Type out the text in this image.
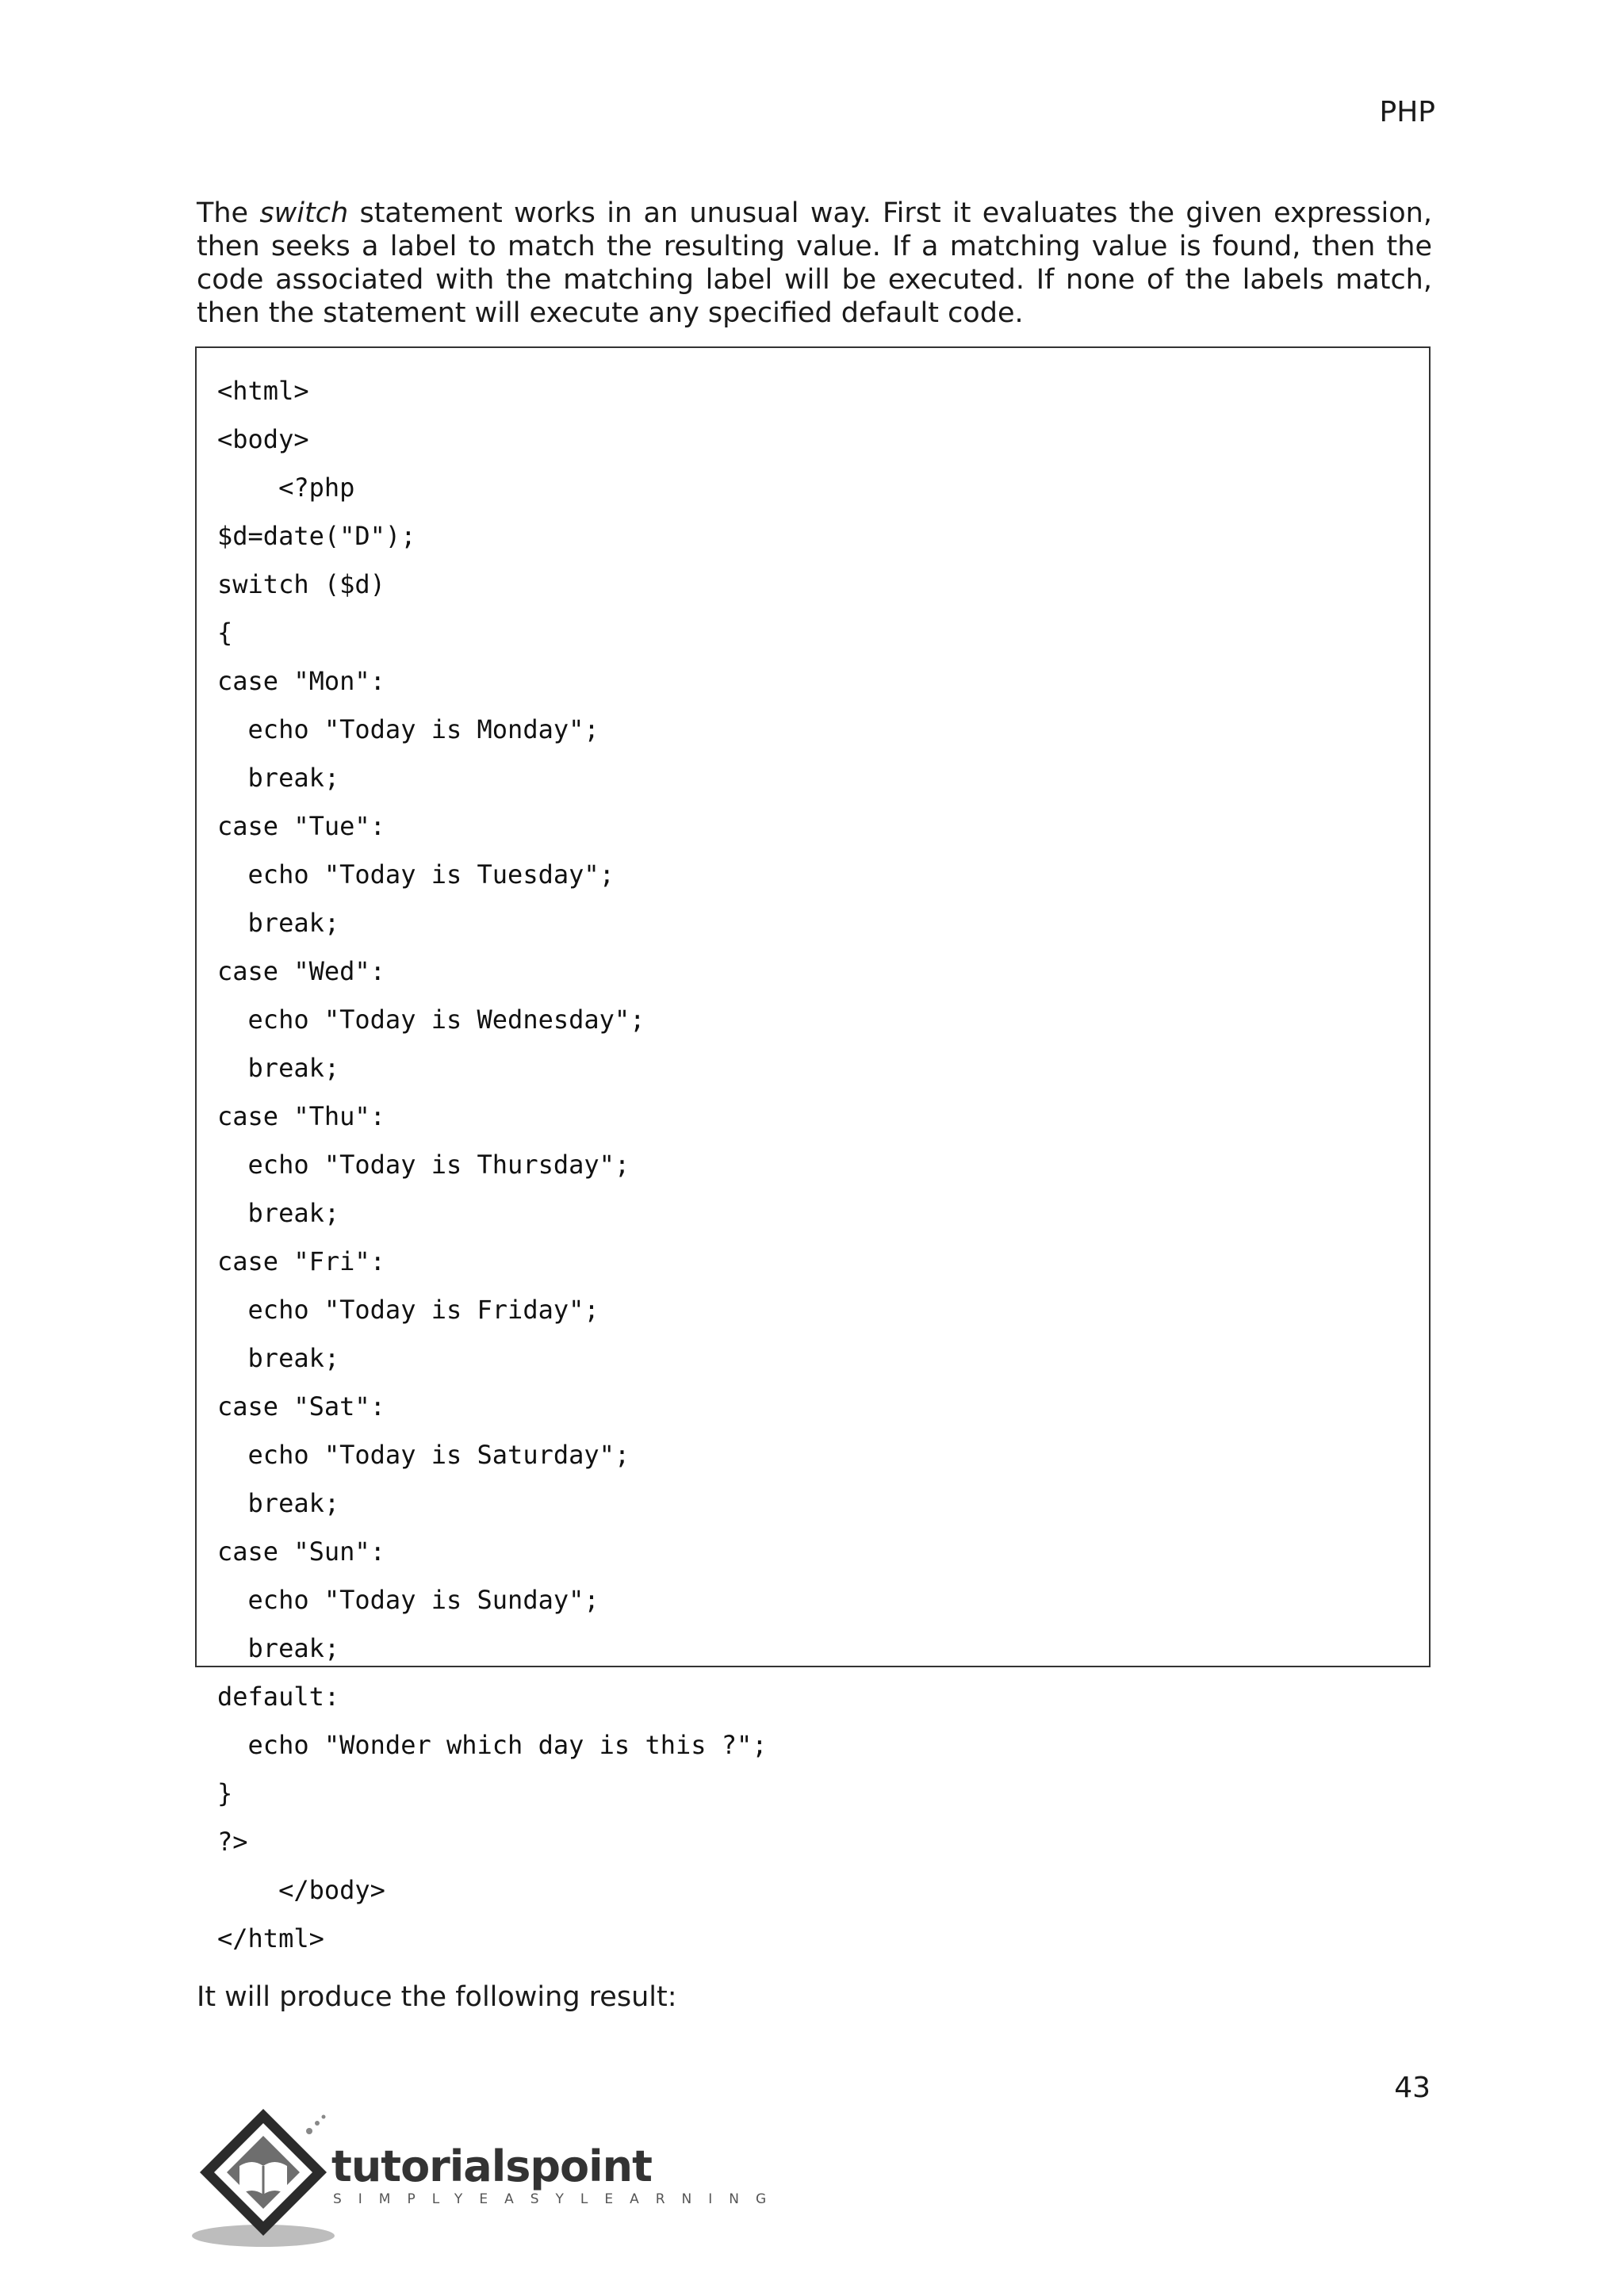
PHP

The switch statement works in an unusual way. First it evaluates the given expression, then seeks a label to match the resulting value. If a matching value is found, then the code associated with the matching label will be executed. If none of the labels match, then the statement will execute any specified default code.

<html>
<body>
<?php
$d=date("D");
switch ($d)
{
case "Mon":
echo "Today is Monday";
break;
case "Tue":
echo "Today is Tuesday";
break;
case "Wed":
echo "Today is Wednesday";
break;
case "Thu":
echo "Today is Thursday";
break;
case "Fri":
echo "Today is Friday";
break;
case "Sat":
echo "Today is Saturday";
break;
case "Sun":
echo "Today is Sunday";
break;
default:
echo "Wonder which day is this ?";
}
?>
</body>
</html>

It will produce the following result:

43
tutorialspoint
SIMPLYEASYLEARNING
